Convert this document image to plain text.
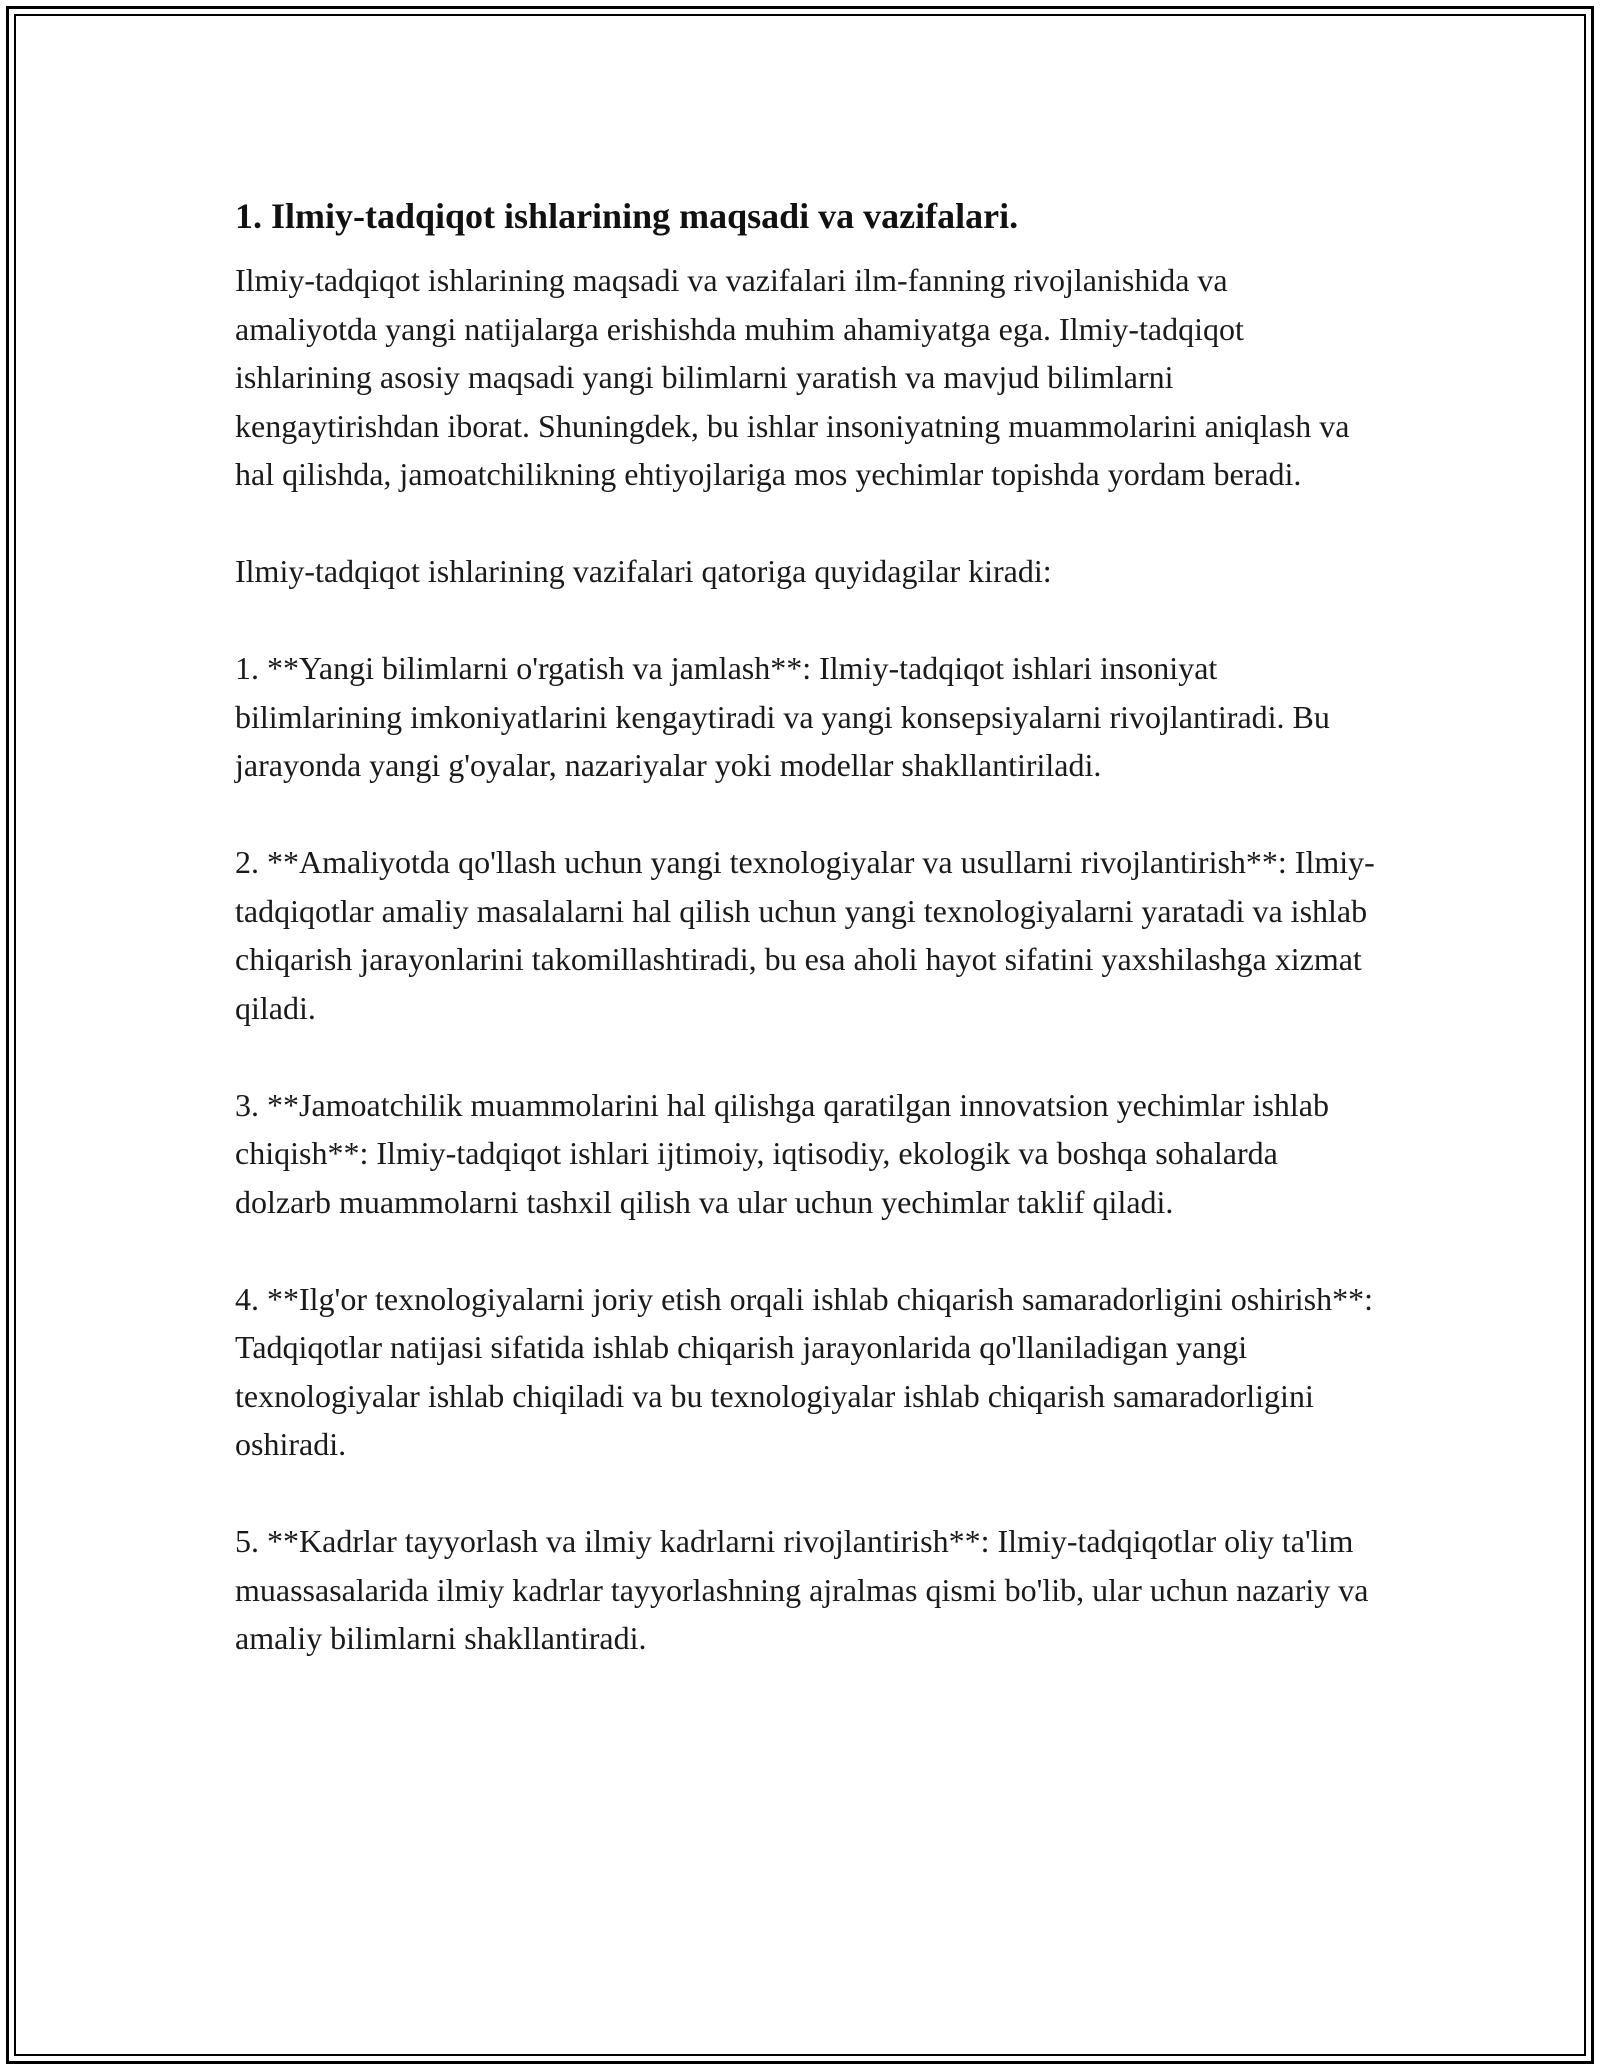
1. Ilmiy-tadqiqot ishlarining maqsadi va vazifalari.

Ilmiy-tadqiqot ishlarining maqsadi va vazifalari ilm-fanning rivojlanishida va amaliyotda yangi natijalarga erishishda muhim ahamiyatga ega. Ilmiy-tadqiqot ishlarining asosiy maqsadi yangi bilimlarni yaratish va mavjud bilimlarni kengaytirishdan iborat. Shuningdek, bu ishlar insoniyatning muammolarini aniqlash va hal qilishda, jamoatchilikning ehtiyojlariga mos yechimlar topishda yordam beradi.

Ilmiy-tadqiqot ishlarining vazifalari qatoriga quyidagilar kiradi:

1. **Yangi bilimlarni o'rgatish va jamlash**: Ilmiy-tadqiqot ishlari insoniyat bilimlarining imkoniyatlarini kengaytiradi va yangi konsepsiyalarni rivojlantiradi. Bu jarayonda yangi g'oyalar, nazariyalar yoki modellar shakllantiriladi.

2. **Amaliyotda qo'llash uchun yangi texnologiyalar va usullarni rivojlantirish**: Ilmiy-tadqiqotlar amaliy masalalarni hal qilish uchun yangi texnologiyalarni yaratadi va ishlab chiqarish jarayonlarini takomillashtiradi, bu esa aholi hayot sifatini yaxshilashga xizmat qiladi.

3. **Jamoatchilik muammolarini hal qilishga qaratilgan innovatsion yechimlar ishlab chiqish**: Ilmiy-tadqiqot ishlari ijtimoiy, iqtisodiy, ekologik va boshqa sohalarda dolzarb muammolarni tashxil qilish va ular uchun yechimlar taklif qiladi.

4. **Ilg'or texnologiyalarni joriy etish orqali ishlab chiqarish samaradorligini oshirish**: Tadqiqotlar natijasi sifatida ishlab chiqarish jarayonlarida qo'llaniladigan yangi texnologiyalar ishlab chiqiladi va bu texnologiyalar ishlab chiqarish samaradorligini oshiradi.

5. **Kadrlar tayyorlash va ilmiy kadrlarni rivojlantirish**: Ilmiy-tadqiqotlar oliy ta'lim muassasalarida ilmiy kadrlar tayyorlashning ajralmas qismi bo'lib, ular uchun nazariy va amaliy bilimlarni shakllantiradi.
